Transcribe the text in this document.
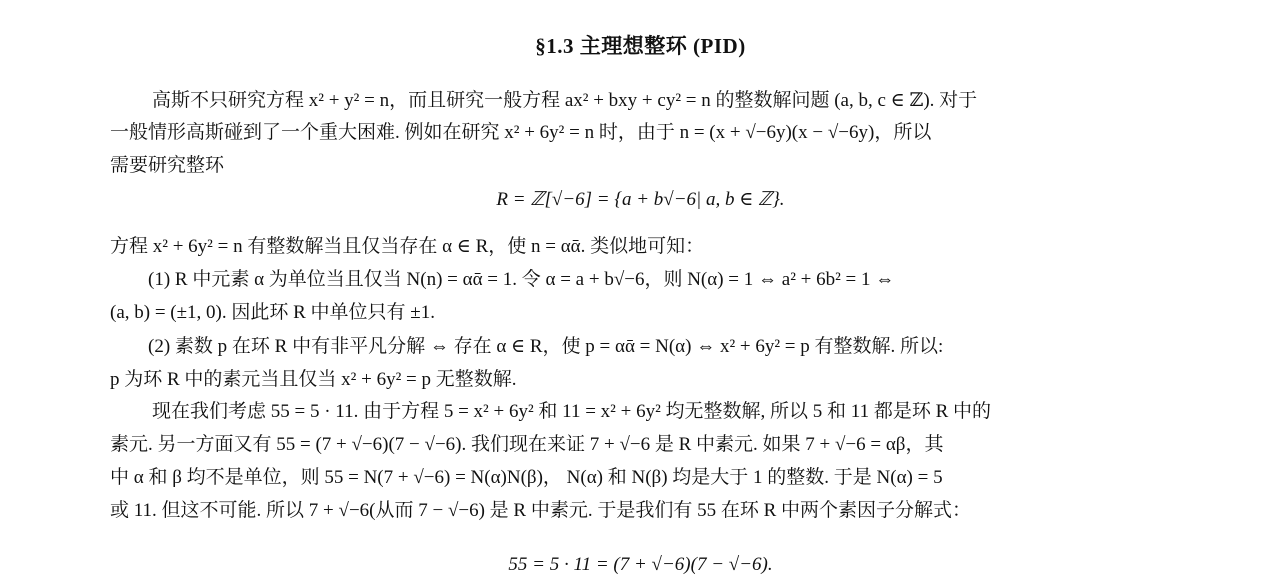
§1.3 主理想整环 (PID)
高斯不只研究方程 x² + y² = n，而且研究一般方程 ax² + bxy + cy² = n 的整数解问题 (a, b, c ∈ ℤ). 对于
一般情形高斯碰到了一个重大困难. 例如在研究 x² + 6y² = n 时，由于 n = (x + √−6y)(x − √−6y)，所以
需要研究整环
R = ℤ[√−6] = {a + b√−6| a, b ∈ ℤ}.
方程 x² + 6y² = n 有整数解当且仅当存在 α ∈ R，使 n = αᾱ. 类似地可知：
(1) R 中元素 α 为单位当且仅当 N(n) = αᾱ = 1. 令 α = a + b√−6，则 N(α) = 1 ⇔ a² + 6b² = 1 ⇔
(a, b) = (±1, 0). 因此环 R 中单位只有 ±1.
(2) 素数 p 在环 R 中有非平凡分解 ⇔ 存在 α ∈ R，使 p = αᾱ = N(α) ⇔ x² + 6y² = p 有整数解. 所以:
p 为环 R 中的素元当且仅当 x² + 6y² = p 无整数解.
现在我们考虑 55 = 5 · 11. 由于方程 5 = x² + 6y² 和 11 = x² + 6y² 均无整数解, 所以 5 和 11 都是环 R 中的
素元. 另一方面又有 55 = (7 + √−6)(7 − √−6). 我们现在来证 7 + √−6 是 R 中素元. 如果 7 + √−6 = αβ，其
中 α 和 β 均不是单位，则 55 = N(7 + √−6) = N(α)N(β)， N(α) 和 N(β) 均是大于 1 的整数. 于是 N(α) = 5
或 11. 但这不可能. 所以 7 + √−6(从而 7 − √−6) 是 R 中素元. 于是我们有 55 在环 R 中两个素因子分解式：
55 = 5 · 11 = (7 + √−6)(7 − √−6).
